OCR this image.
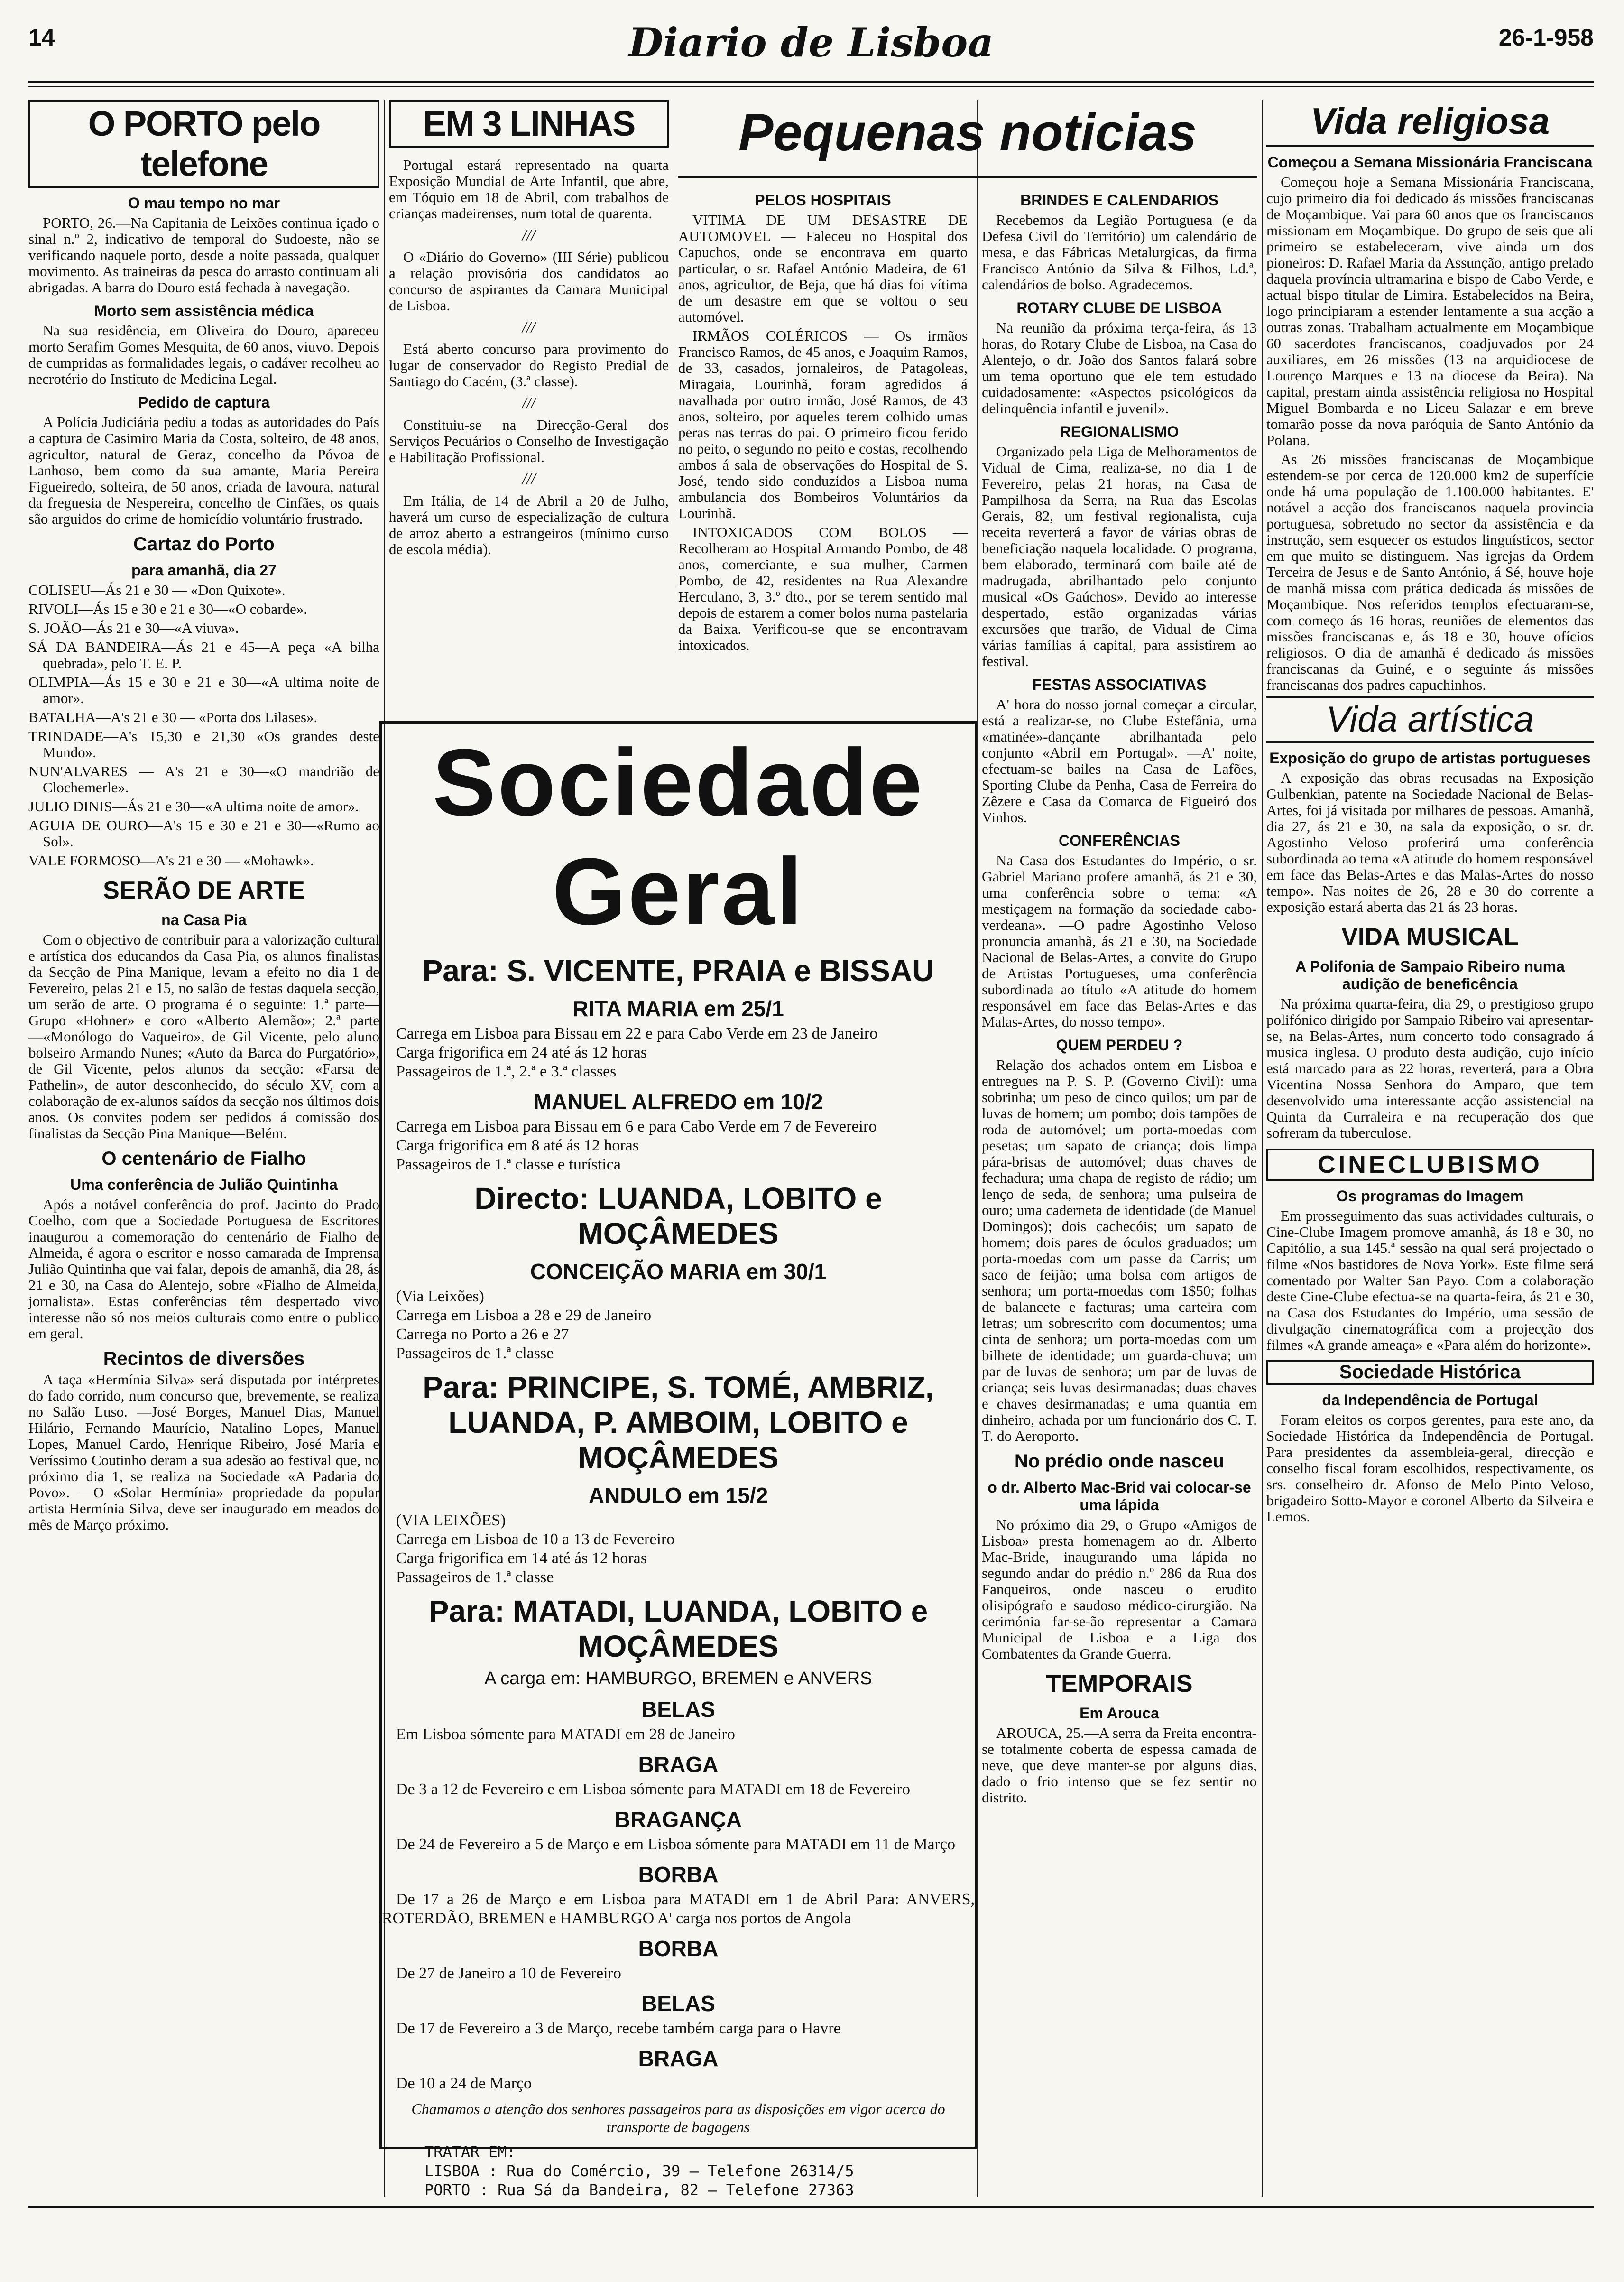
14	Diario de Lisboa	26-1-958
O PORTO pelo telefone
O mau tempo no mar

PORTO, 26.—Na Capitania de Leixões continua içado o sinal n.º 2, indicativo de temporal do Sudoeste, não se verificando naquele porto, desde a noite passada, qualquer movimento. As traineiras da pesca do arrasto continuam ali abrigadas. A barra do Douro está fechada à navegação.

Morto sem assistência médica

Na sua residência, em Oliveira do Douro, apareceu morto Serafim Gomes Mesquita, de 60 anos, viuvo. Depois de cumpridas as formalidades legais, o cadáver recolheu ao necrotério do Instituto de Medicina Legal.

Pedido de captura

A Polícia Judiciária pediu a todas as autoridades do País a captura de Casimiro Maria da Costa, solteiro, de 48 anos, agricultor, natural de Geraz, concelho da Póvoa de Lanhoso, bem como da sua amante, Maria Pereira Figueiredo, solteira, de 50 anos, criada de lavoura, natural da freguesia de Nespereira, concelho de Cinfães, os quais são arguidos do crime de homicídio voluntário frustrado.

Cartaz do Porto
para amanhã, dia 27

COLISEU—Ás 21 e 30 — «Don Quixote».

RIVOLI—Ás 15 e 30 e 21 e 30—«O cobarde».

S. JOÃO—Ás 21 e 30—«A viuva».

SÁ DA BANDEIRA—Ás 21 e 45—A peça «A bilha quebrada», pelo T. E. P.

OLIMPIA—Ás 15 e 30 e 21 e 30—«A ultima noite de amor».

BATALHA—A's 21 e 30 — «Porta dos Lilases».

TRINDADE—A's 15,30 e 21,30 «Os grandes deste Mundo».

NUN'ALVARES — A's 21 e 30—«O mandrião de Clochemerle».

JULIO DINIS—Ás 21 e 30—«A ultima noite de amor».

AGUIA DE OURO—A's 15 e 30 e 21 e 30—«Rumo ao Sol».

VALE FORMOSO—A's 21 e 30 — «Mohawk».

SERÃO DE ARTE
na Casa Pia

Com o objectivo de contribuir para a valorização cultural e artística dos educandos da Casa Pia, os alunos finalistas da Secção de Pina Manique, levam a efeito no dia 1 de Fevereiro, pelas 21 e 15, no salão de festas daquela secção, um serão de arte. O programa é o seguinte: 1.ª parte—Grupo «Hohner» e coro «Alberto Alemão»; 2.ª parte—«Monólogo do Vaqueiro», de Gil Vicente, pelo aluno bolseiro Armando Nunes; «Auto da Barca do Purgatório», de Gil Vicente, pelos alunos da secção: «Farsa de Pathelin», de autor desconhecido, do século XV, com a colaboração de ex-alunos saídos da secção nos últimos dois anos. Os convites podem ser pedidos á comissão dos finalistas da Secção Pina Manique—Belém.

O centenário de Fialho
Uma conferência de Julião Quintinha

Após a notável conferência do prof. Jacinto do Prado Coelho, com que a Sociedade Portuguesa de Escritores inaugurou a comemoração do centenário de Fialho de Almeida, é agora o escritor e nosso camarada de Imprensa Julião Quintinha que vai falar, depois de amanhã, dia 28, ás 21 e 30, na Casa do Alentejo, sobre «Fialho de Almeida, jornalista». Estas conferências têm despertado vivo interesse não só nos meios culturais como entre o publico em geral.

Recintos de diversões

A taça «Hermínia Silva» será disputada por intérpretes do fado corrido, num concurso que, brevemente, se realiza no Salão Luso. —José Borges, Manuel Dias, Manuel Hilário, Fernando Maurício, Natalino Lopes, Manuel Lopes, Manuel Cardo, Henrique Ribeiro, José Maria e Veríssimo Coutinho deram a sua adesão ao festival que, no próximo dia 1, se realiza na Sociedade «A Padaria do Povo». —O «Solar Hermínia» propriedade da popular artista Hermínia Silva, deve ser inaugurado em meados do mês de Março próximo.

EM 3 LINHAS

Portugal estará representado na quarta Exposição Mundial de Arte Infantil, que abre, em Tóquio em 18 de Abril, com trabalhos de crianças madeirenses, num total de quarenta.

///

O «Diário do Governo» (III Série) publicou a relação provisória dos candidatos ao concurso de aspirantes da Camara Municipal de Lisboa.

///

Está aberto concurso para provimento do lugar de conservador do Registo Predial de Santiago do Cacém, (3.ª classe).

///

Constituiu-se na Direcção-Geral dos Serviços Pecuários o Conselho de Investigação e Habilitação Profissional.

///

Em Itália, de 14 de Abril a 20 de Julho, haverá um curso de especialização de cultura de arroz aberto a estrangeiros (mínimo curso de escola média).

Pequenas noticias
PELOS HOSPITAIS

VITIMA DE UM DESASTRE DE AUTOMOVEL — Faleceu no Hospital dos Capuchos, onde se encontrava em quarto particular, o sr. Rafael António Madeira, de 61 anos, agricultor, de Beja, que há dias foi vítima de um desastre em que se voltou o seu automóvel.

IRMÃOS COLÉRICOS — Os irmãos Francisco Ramos, de 45 anos, e Joaquim Ramos, de 33, casados, jornaleiros, de Patagoleas, Miragaia, Lourinhã, foram agredidos á navalhada por outro irmão, José Ramos, de 43 anos, solteiro, por aqueles terem colhido umas peras nas terras do pai. O primeiro ficou ferido no peito, o segundo no peito e costas, recolhendo ambos á sala de observações do Hospital de S. José, tendo sido conduzidos a Lisboa numa ambulancia dos Bombeiros Voluntários da Lourinhã.

INTOXICADOS COM BOLOS — Recolheram ao Hospital Armando Pombo, de 48 anos, comerciante, e sua mulher, Carmen Pombo, de 42, residentes na Rua Alexandre Herculano, 3, 3.º dto., por se terem sentido mal depois de estarem a comer bolos numa pastelaria da Baixa. Verificou-se que se encontravam intoxicados.

BRINDES E CALENDARIOS

Recebemos da Legião Portuguesa (e da Defesa Civil do Território) um calendário de mesa, e das Fábricas Metalurgicas, da firma Francisco António da Silva & Filhos, Ld.ª, calendários de bolso. Agradecemos.

ROTARY CLUBE DE LISBOA

Na reunião da próxima terça-feira, ás 13 horas, do Rotary Clube de Lisboa, na Casa do Alentejo, o dr. João dos Santos falará sobre um tema oportuno que ele tem estudado cuidadosamente: «Aspectos psicológicos da delinquência infantil e juvenil».

REGIONALISMO

Organizado pela Liga de Melhoramentos de Vidual de Cima, realiza-se, no dia 1 de Fevereiro, pelas 21 horas, na Casa de Pampilhosa da Serra, na Rua das Escolas Gerais, 82, um festival regionalista, cuja receita reverterá a favor de várias obras de beneficiação naquela localidade. O programa, bem elaborado, terminará com baile até de madrugada, abrilhantado pelo conjunto musical «Os Gaúchos». Devido ao interesse despertado, estão organizadas várias excursões que trarão, de Vidual de Cima várias famílias á capital, para assistirem ao festival.

FESTAS ASSOCIATIVAS

A' hora do nosso jornal começar a circular, está a realizar-se, no Clube Estefânia, uma «matinée»-dançante abrilhantada pelo conjunto «Abril em Portugal». —A' noite, efectuam-se bailes na Casa de Lafões, Sporting Clube da Penha, Casa de Ferreira do Zêzere e Casa da Comarca de Figueiró dos Vinhos.

CONFERÊNCIAS

Na Casa dos Estudantes do Império, o sr. Gabriel Mariano profere amanhã, ás 21 e 30, uma conferência sobre o tema: «A mestiçagem na formação da sociedade cabo-verdeana». —O padre Agostinho Veloso pronuncia amanhã, ás 21 e 30, na Sociedade Nacional de Belas-Artes, a convite do Grupo de Artistas Portugueses, uma conferência subordinada ao título «A atitude do homem responsável em face das Belas-Artes e das Malas-Artes, do nosso tempo».

QUEM PERDEU ?

Relação dos achados ontem em Lisboa e entregues na P. S. P. (Governo Civil): uma sobrinha; um peso de cinco quilos; um par de luvas de homem; um pombo; dois tampões de roda de automóvel; um porta-moedas com pesetas; um sapato de criança; dois limpa pára-brisas de automóvel; duas chaves de fechadura; uma chapa de registo de rádio; um lenço de seda, de senhora; uma pulseira de ouro; uma caderneta de identidade (de Manuel Domingos); dois cachecóis; um sapato de homem; dois pares de óculos graduados; um porta-moedas com um passe da Carris; um saco de feijão; uma bolsa com artigos de senhora; um porta-moedas com 1$50; folhas de balancete e facturas; uma carteira com letras; um sobrescrito com documentos; uma cinta de senhora; um porta-moedas com um bilhete de identidade; um guarda-chuva; um par de luvas de senhora; um par de luvas de criança; seis luvas desirmanadas; duas chaves e chaves desirmanadas; e uma quantia em dinheiro, achada por um funcionário dos C. T. T. do Aeroporto.

No prédio onde nasceu
o dr. Alberto Mac-Brid vai colocar-se uma lápida

No próximo dia 29, o Grupo «Amigos de Lisboa» presta homenagem ao dr. Alberto Mac-Bride, inaugurando uma lápida no segundo andar do prédio n.º 286 da Rua dos Fanqueiros, onde nasceu o erudito olisipógrafo e saudoso médico-cirurgião. Na cerimónia far-se-ão representar a Camara Municipal de Lisboa e a Liga dos Combatentes da Grande Guerra.

TEMPORAIS
Em Arouca

AROUCA, 25.—A serra da Freita encontra-se totalmente coberta de espessa camada de neve, que deve manter-se por alguns dias, dado o frio intenso que se fez sentir no distrito.

Vida religiosa
Começou a Semana Missionária Franciscana

Começou hoje a Semana Missionária Franciscana, cujo primeiro dia foi dedicado ás missões franciscanas de Moçambique. Vai para 60 anos que os franciscanos missionam em Moçambique. Do grupo de seis que ali primeiro se estabeleceram, vive ainda um dos pioneiros: D. Rafael Maria da Assunção, antigo prelado daquela província ultramarina e bispo de Cabo Verde, e actual bispo titular de Limira. Estabelecidos na Beira, logo principiaram a estender lentamente a sua acção a outras zonas. Trabalham actualmente em Moçambique 60 sacerdotes franciscanos, coadjuvados por 24 auxiliares, em 26 missões (13 na arquidiocese de Lourenço Marques e 13 na diocese da Beira). Na capital, prestam ainda assistência religiosa no Hospital Miguel Bombarda e no Liceu Salazar e em breve tomarão posse da nova paróquia de Santo António da Polana.

As 26 missões franciscanas de Moçambique estendem-se por cerca de 120.000 km2 de superfície onde há uma população de 1.100.000 habitantes. E' notável a acção dos franciscanos naquela provincia portuguesa, sobretudo no sector da assistência e da instrução, sem esquecer os estudos linguísticos, sector em que muito se distinguem. Nas igrejas da Ordem Terceira de Jesus e de Santo António, á Sé, houve hoje de manhã missa com prática dedicada ás missões de Moçambique. Nos referidos templos efectuaram-se, com começo ás 16 horas, reuniões de elementos das missões franciscanas e, ás 18 e 30, houve ofícios religiosos. O dia de amanhã é dedicado ás missões franciscanas da Guiné, e o seguinte ás missões franciscanas dos padres capuchinhos.

Vida artística
Exposição do grupo de artistas portugueses

A exposição das obras recusadas na Exposição Gulbenkian, patente na Sociedade Nacional de Belas-Artes, foi já visitada por milhares de pessoas. Amanhã, dia 27, ás 21 e 30, na sala da exposição, o sr. dr. Agostinho Veloso proferirá uma conferência subordinada ao tema «A atitude do homem responsável em face das Belas-Artes e das Malas-Artes do nosso tempo». Nas noites de 26, 28 e 30 do corrente a exposição estará aberta das 21 ás 23 horas.

VIDA MUSICAL
A Polifonia de Sampaio Ribeiro numa audição de beneficência

Na próxima quarta-feira, dia 29, o prestigioso grupo polifónico dirigido por Sampaio Ribeiro vai apresentar-se, na Belas-Artes, num concerto todo consagrado á musica inglesa. O produto desta audição, cujo início está marcado para as 22 horas, reverterá, para a Obra Vicentina Nossa Senhora do Amparo, que tem desenvolvido uma interessante acção assistencial na Quinta da Curraleira e na recuperação dos que sofreram da tuberculose.

CINECLUBISMO
Os programas do Imagem

Em prosseguimento das suas actividades culturais, o Cine-Clube Imagem promove amanhã, ás 18 e 30, no Capitólio, a sua 145.ª sessão na qual será projectado o filme «Nos bastidores de Nova York». Este filme será comentado por Walter San Payo. Com a colaboração deste Cine-Clube efectua-se na quarta-feira, ás 21 e 30, na Casa dos Estudantes do Império, uma sessão de divulgação cinematográfica com a projecção dos filmes «A grande ameaça» e «Para além do horizonte».

Sociedade Histórica
da Independência de Portugal

Foram eleitos os corpos gerentes, para este ano, da Sociedade Histórica da Independência de Portugal. Para presidentes da assembleia-geral, direcção e conselho fiscal foram escolhidos, respectivamente, os srs. conselheiro dr. Afonso de Melo Pinto Veloso, brigadeiro Sotto-Mayor e coronel Alberto da Silveira e Lemos.

Sociedade Geral
Para: S. VICENTE, PRAIA e BISSAU
RITA MARIA em 25/1

Carrega em Lisboa para Bissau em 22 e para Cabo Verde em 23 de Janeiro

Carga frigorifica em 24 até ás 12 horas

Passageiros de 1.ª, 2.ª e 3.ª classes

MANUEL ALFREDO em 10/2

Carrega em Lisboa para Bissau em 6 e para Cabo Verde em 7 de Fevereiro

Carga frigorifica em 8 até ás 12 horas

Passageiros de 1.ª classe e turística

Directo: LUANDA, LOBITO e MOÇÂMEDES
CONCEIÇÃO MARIA em 30/1

(Via Leixões)

Carrega em Lisboa a 28 e 29 de Janeiro

Carrega no Porto a 26 e 27

Passageiros de 1.ª classe

Para: PRINCIPE, S. TOMÉ, AMBRIZ, LUANDA, P. AMBOIM, LOBITO e MOÇÂMEDES
ANDULO em 15/2

(VIA LEIXÕES)

Carrega em Lisboa de 10 a 13 de Fevereiro

Carga frigorifica em 14 até ás 12 horas

Passageiros de 1.ª classe

Para: MATADI, LUANDA, LOBITO e MOÇÂMEDES
A carga em: HAMBURGO, BREMEN e ANVERS
BELAS

Em Lisboa sómente para MATADI em 28 de Janeiro

BRAGA

De 3 a 12 de Fevereiro e em Lisboa sómente para MATADI em 18 de Fevereiro

BRAGANÇA

De 24 de Fevereiro a 5 de Março e em Lisboa sómente para MATADI em 11 de Março

BORBA

De 17 a 26 de Março e em Lisboa para MATADI em 1 de Abril Para: ANVERS, ROTERDÃO, BREMEN e HAMBURGO A' carga nos portos de Angola

BORBA

De 27 de Janeiro a 10 de Fevereiro

BELAS

De 17 de Fevereiro a 3 de Março, recebe também carga para o Havre

BRAGA

De 10 a 24 de Março

Chamamos a atenção dos senhores passageiros para as disposições em vigor acerca do transporte de bagagens
TRATAR EM:
LISBOA : Rua do Comércio, 39 — Telefone 26314/5
PORTO : Rua Sá da Bandeira, 82 — Telefone 27363
